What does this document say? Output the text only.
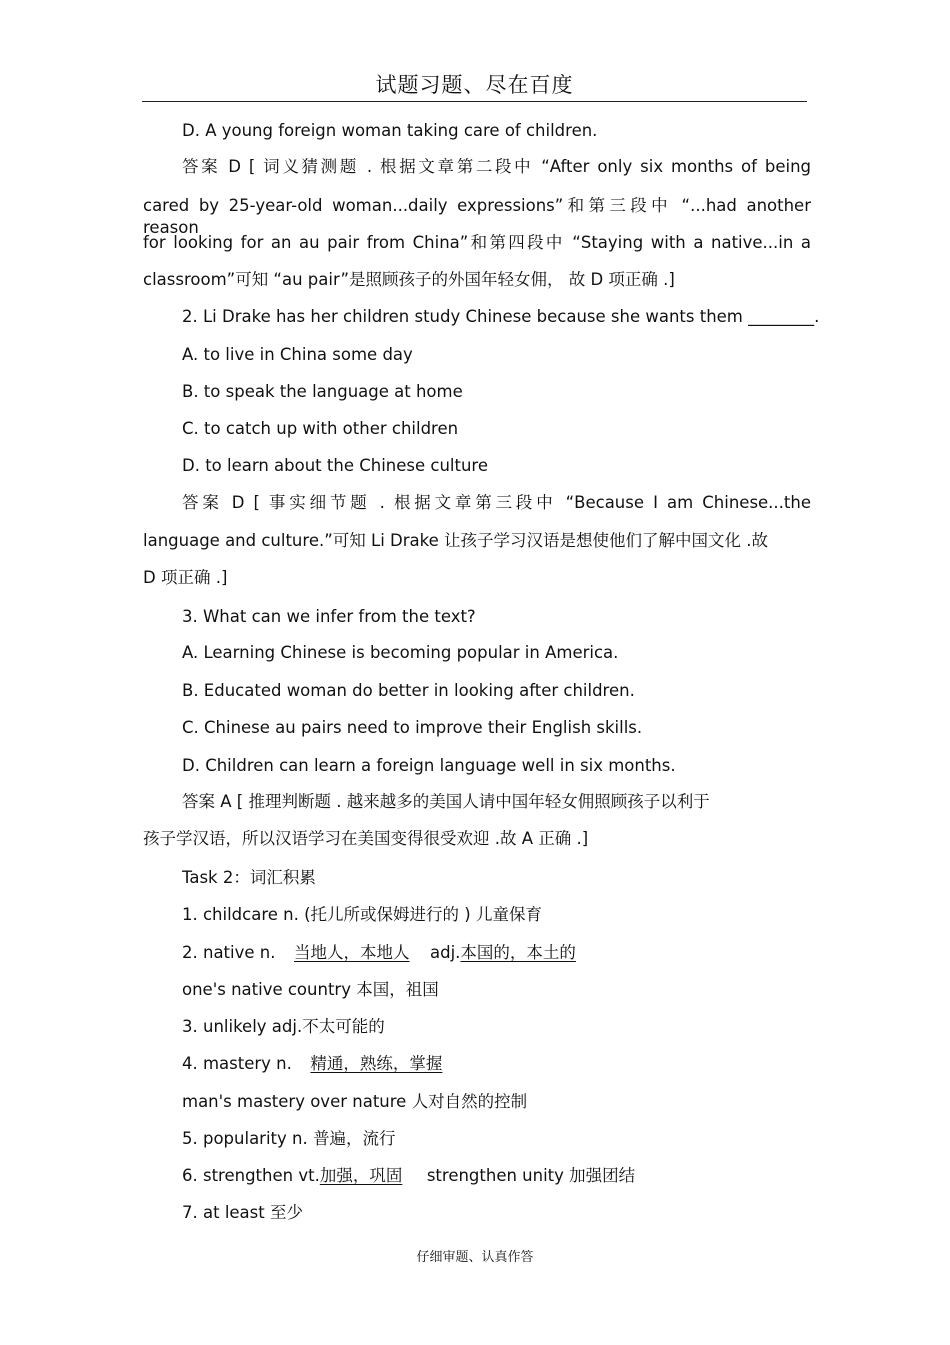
试题习题、尽在百度
D. A young foreign woman taking care of children.
答案 D [ 词义猜测题 . 根据文章第二段中 “After only six months of being
cared by 25-year-old woman...daily expressions”和第三段中 “...had another reason
for looking for an au pair from China”和第四段中 “Staying with a native...in a
classroom”可知 “au pair”是照顾孩子的外国年轻女佣， 故 D 项正确 .]
2. Li Drake has her children study Chinese because she wants them ________.
A. to live in China some day
B. to speak the language at home
C. to catch up with other children
D. to learn about the Chinese culture
答案 D [ 事实细节题 . 根据文章第三段中 “Because I am Chinese...the
language and culture.”可知 Li Drake 让孩子学习汉语是想使他们了解中国文化 .故
D 项正确 .]
3. What can we infer from the text?
A. Learning Chinese is becoming popular in America.
B. Educated woman do better in looking after children.
C. Chinese au pairs need to improve their English skills.
D. Children can learn a foreign language well in six months.
答案 A [ 推理判断题 . 越来越多的美国人请中国年轻女佣照顾孩子以利于
孩子学汉语，所以汉语学习在美国变得很受欢迎 .故 A 正确 .]
Task 2：词汇积累
1. childcare n. (托儿所或保姆进行的 ) 儿童保育
2. native n. 当地人，本地人 adj.本国的，本土的
one's native country 本国，祖国
3. unlikely adj.不太可能的
4. mastery n. 精通，熟练，掌握
man's mastery over nature 人对自然的控制
5. popularity n. 普遍，流行
6. strengthen vt.加强，巩固 strengthen unity 加强团结
7. at least 至少
仔细审题、认真作答
